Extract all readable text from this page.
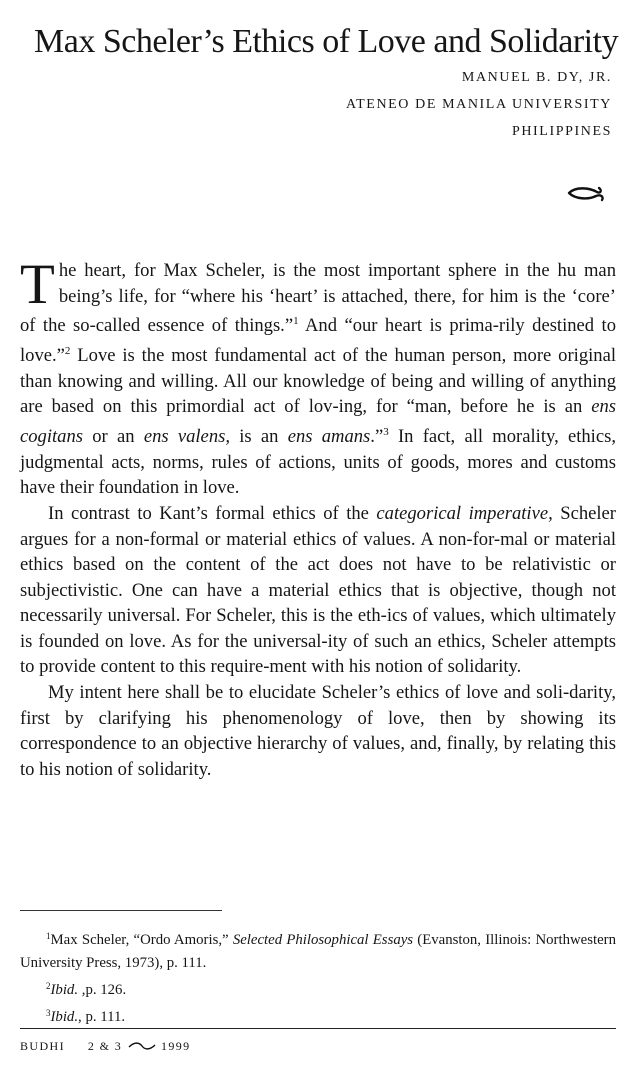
Max Scheler’s Ethics of Love and Solidarity
MANUEL B. DY, JR.
ATENEO DE MANILA UNIVERSITY
PHILIPPINES

The heart, for Max Scheler, is the most important sphere in the hu man being’s life, for “where his ‘heart’ is attached, there, for him is the ‘core’ of the so-called essence of things.”$^1$ And “our heart is prima-rily destined to love.”$^2$ Love is the most fundamental act of the human person, more original than knowing and willing. All our knowledge of being and willing of anything are based on this primordial act of lov-ing, for “man, before he is an ens cogitans or an ens valens, is an ens amans.”$^3$ In fact, all morality, ethics, judgmental acts, norms, rules of actions, units of goods, mores and customs have their foundation in love.

In contrast to Kant’s formal ethics of the categorical imperative, Scheler argues for a non-formal or material ethics of values. A non-for-mal or material ethics based on the content of the act does not have to be relativistic or subjectivistic. One can have a material ethics that is objective, though not necessarily universal. For Scheler, this is the eth-ics of values, which ultimately is founded on love. As for the universal-ity of such an ethics, Scheler attempts to provide content to this require-ment with his notion of solidarity.

My intent here shall be to elucidate Scheler’s ethics of love and soli-darity, first by clarifying his phenomenology of love, then by showing its correspondence to an objective hierarchy of values, and, finally, by relating this to his notion of solidarity.

$^1$Max Scheler, “Ordo Amoris,” Selected Philosophical Essays (Evanston, Illinois: Northwestern University Press, 1973), p. 111.

$^2$Ibid. ,p. 126.

$^3$Ibid., p. 111.

BUDHI 2 & 3	1999
